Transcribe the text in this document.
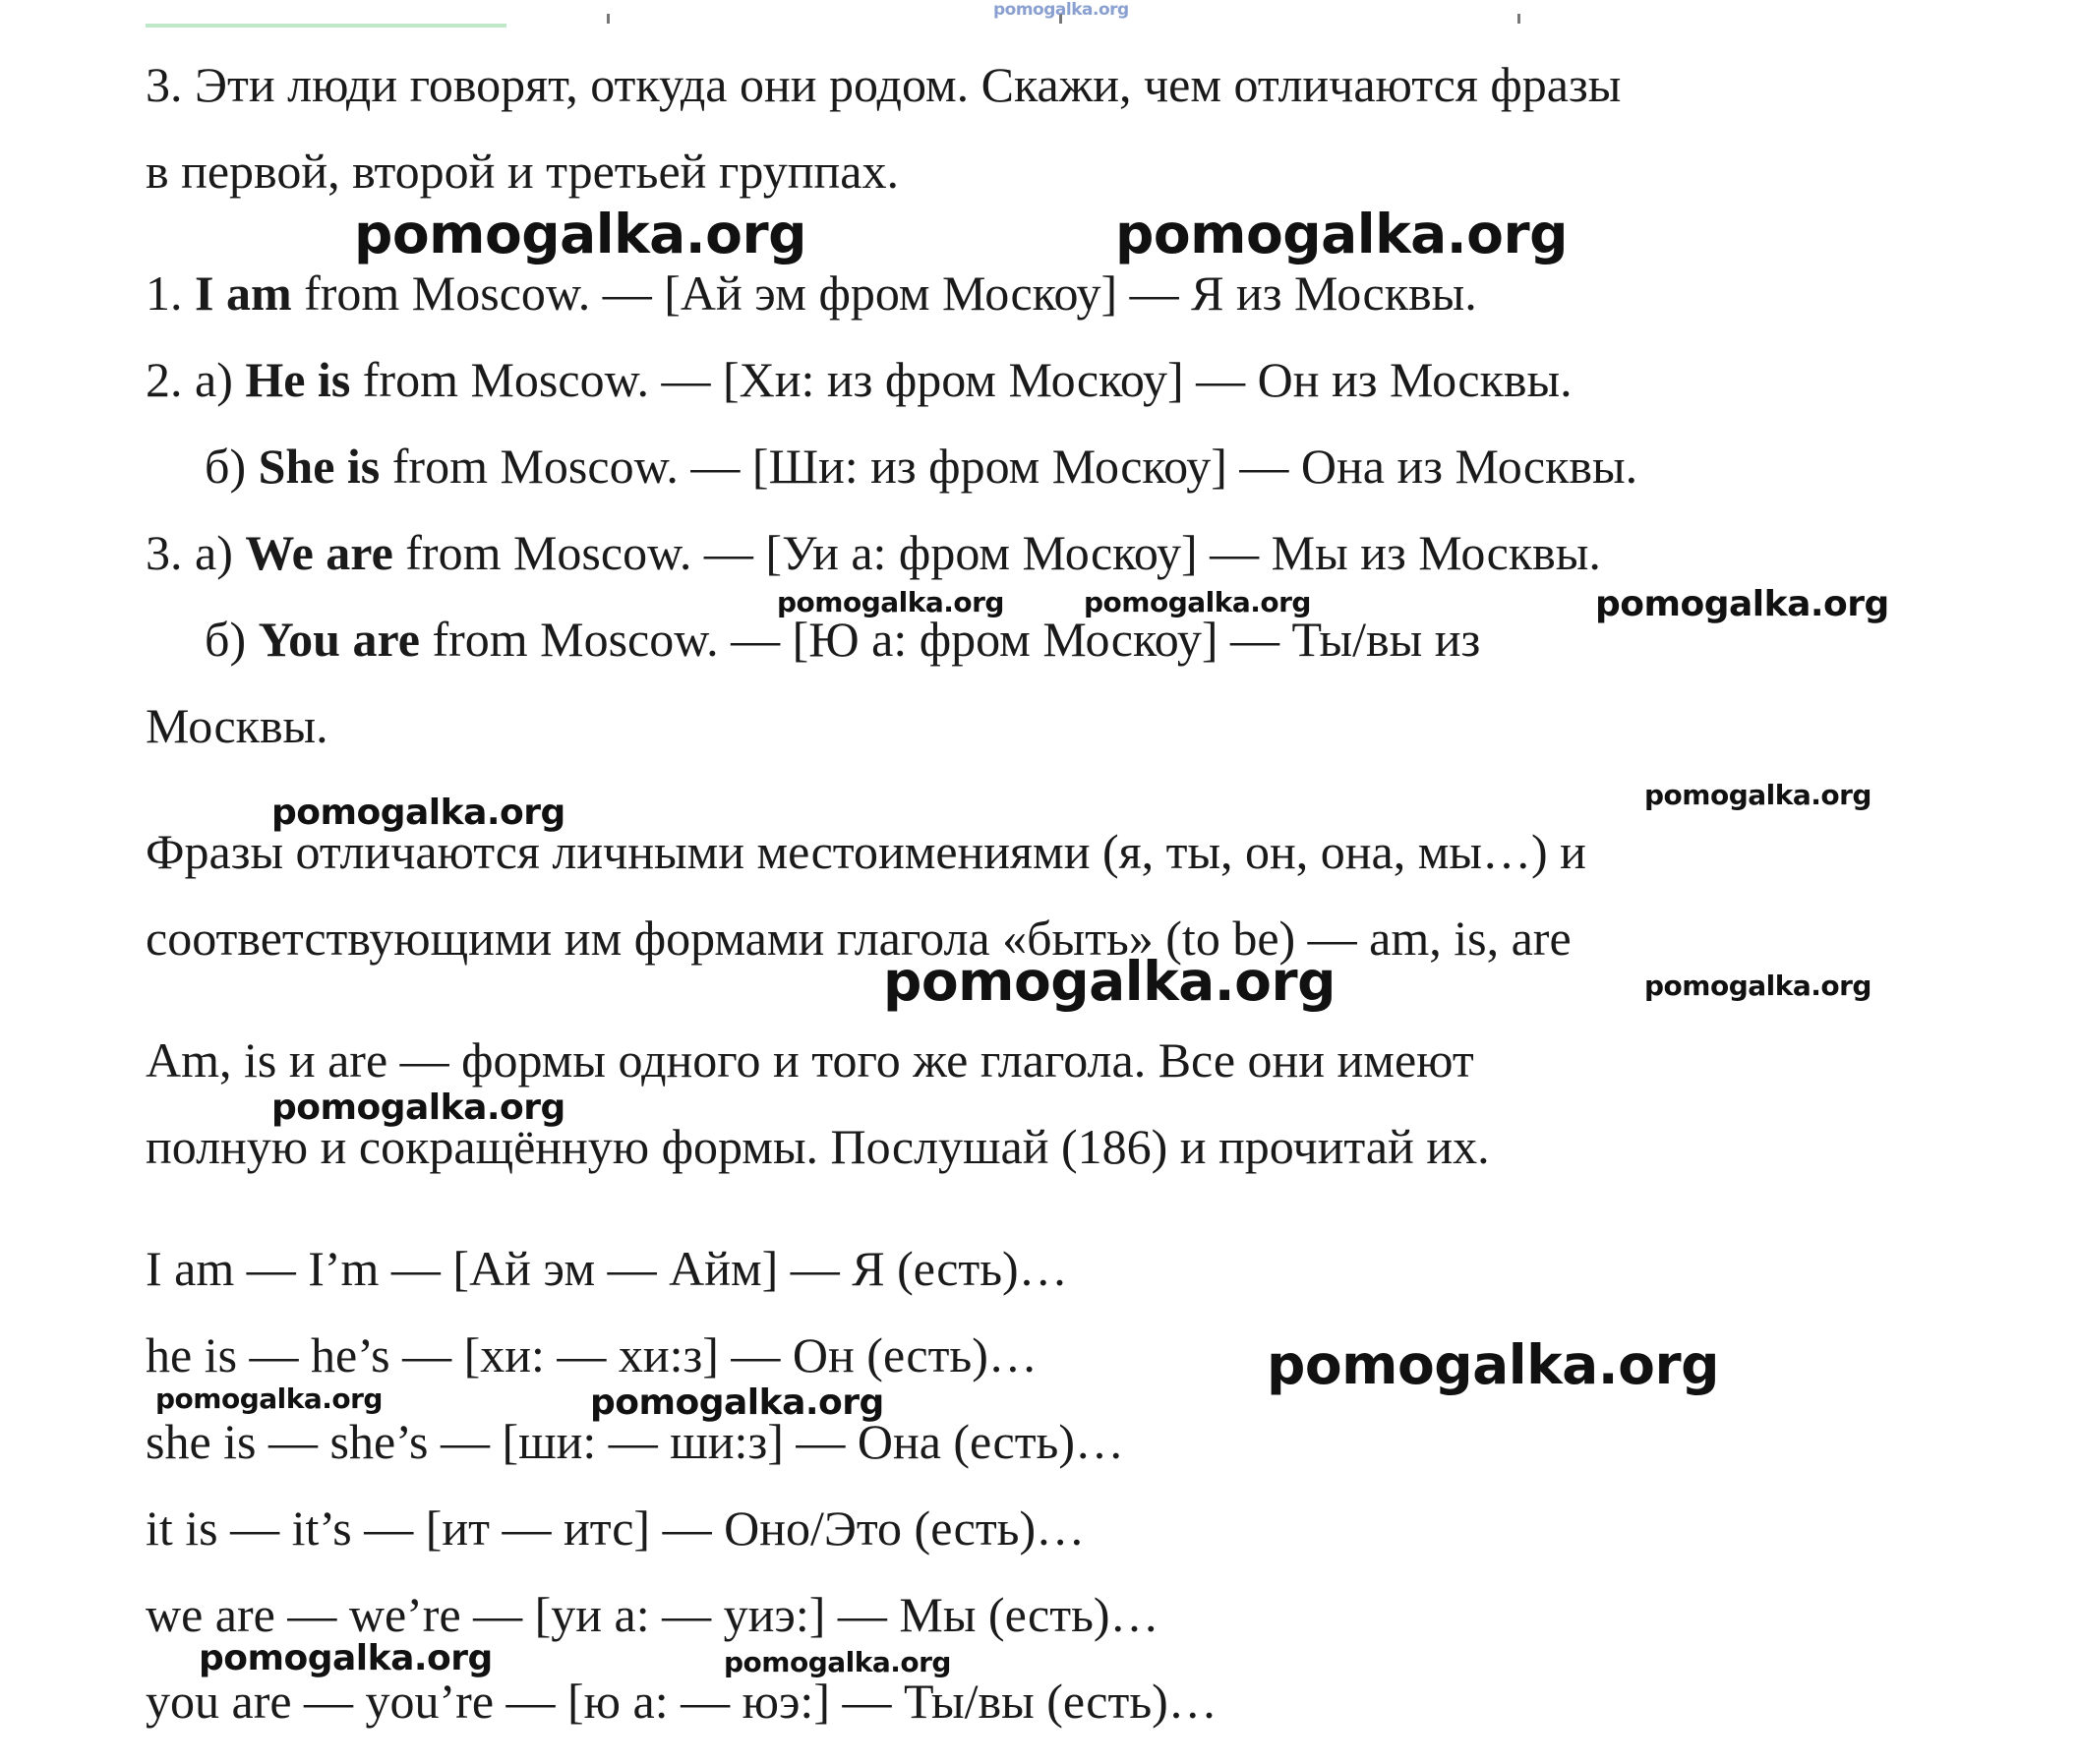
pomogalka.org

3. Эти люди говорят, откуда они родом. Скажи, чем отличаются фразы

в первой, второй и третьей группах.

1. I am from Moscow. — [Ай эм фром Москоу] — Я из Москвы.

2. а) He is from Moscow. — [Хи: из фром Москоу] — Он из Москвы.

б) She is from Moscow. — [Ши: из фром Москоу] — Она из Москвы.

3. а) We are from Moscow. — [Уи а: фром Москоу] — Мы из Москвы.

б) You are from Moscow. — [Ю а: фром Москоу] — Ты/вы из

Москвы.

Фразы отличаются личными местоимениями (я, ты, он, она, мы…) и

соответствующими им формами глагола «быть» (to be) — am, is, are

Am, is и are — формы одного и того же глагола. Все они имеют

полную и сокращённую формы. Послушай (186) и прочитай их.

I am — I’m — [Ай эм — Айм] — Я (есть)…

he is — he’s — [хи: — хи:з] — Он (есть)…

she is — she’s — [ши: — ши:з] — Она (есть)…

it is — it’s — [ит — итс] — Оно/Это (есть)…

we are — we’re — [уи а: — уиэ:] — Мы (есть)…

you are — you’re — [ю а: — юэ:] — Ты/вы (есть)…

pomogalka.org	pomogalka.org
pomogalka.org	pomogalka.org	pomogalka.org
pomogalka.org	pomogalka.org
pomogalka.org	pomogalka.org
pomogalka.org
pomogalka.org
pomogalka.org	pomogalka.org
pomogalka.org	pomogalka.org
